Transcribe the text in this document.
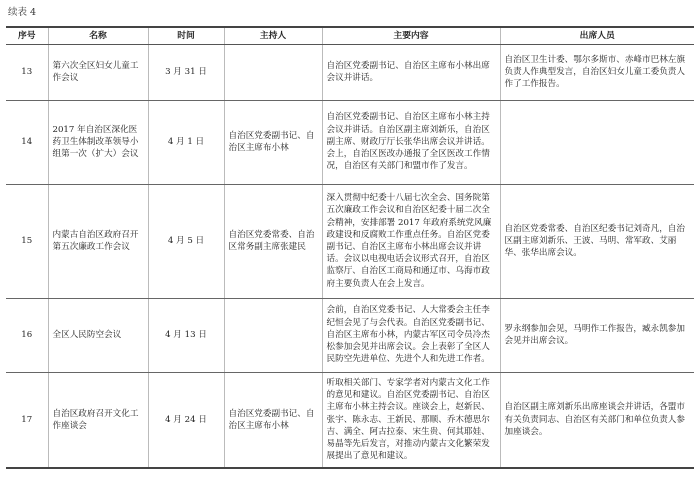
续表 4
序号	名称	时间	主持人	主要内容	出席人员
13	第六次全区妇女儿童工作会议	3 月 31 日		自治区党委副书记、自治区主席布小林出席会议并讲话。	自治区卫生计委、鄂尔多斯市、赤峰市巴林左旗负责人作典型发言，自治区妇女儿童工委负责人作了工作报告。
14	2017 年自治区深化医药卫生体制改革领导小组第一次（扩大）会议	4 月 1 日	自治区党委副书记、自治区主席布小林	自治区党委副书记、自治区主席布小林主持会议并讲话。自治区副主席刘新乐，自治区副主席、财政厅厅长张华出席会议并讲话。会上，自治区医改办通报了全区医改工作情况，自治区有关部门和盟市作了发言。	
15	内蒙古自治区政府召开第五次廉政工作会议	4 月 5 日	自治区党委常委、自治区常务副主席张建民	深入贯彻中纪委十八届七次全会、国务院第五次廉政工作会议和自治区纪委十届二次全会精神，安排部署 2017 年政府系统党风廉政建设和反腐败工作重点任务。自治区党委副书记、自治区主席布小林出席会议并讲话。会议以电视电话会议形式召开，自治区监察厅、自治区工商局和通辽市、乌海市政府主要负责人在会上发言。	自治区党委常委、自治区纪委书记刘奇凡，自治区副主席刘新乐、王波、马明、常军政、艾丽华、张华出席会议。
16	全区人民防空会议	4 月 13 日		会前，自治区党委书记、人大常委会主任李纪恒会见了与会代表。自治区党委副书记、自治区主席布小林，内蒙古军区司令员冷杰松参加会见并出席会议。会上表彰了全区人民防空先进单位、先进个人和先进工作者。	罗永纲参加会见，马明作工作报告，臧永凯参加会见并出席会议。
17	自治区政府召开文化工作座谈会	4 月 24 日	自治区党委副书记、自治区主席布小林	听取相关部门、专家学者对内蒙古文化工作的意见和建议。自治区党委副书记、自治区主席布小林主持会议。座谈会上，赵新民、张宇、陈永志、王新民、那顺、乔木德思尔吉、满全、阿古拉泰、宋生贵、何其耶娃、易晶等先后发言，对推动内蒙古文化繁荣发展提出了意见和建议。	自治区副主席刘新乐出席座谈会并讲话，各盟市有关负责同志、自治区有关部门和单位负责人参加座谈会。
